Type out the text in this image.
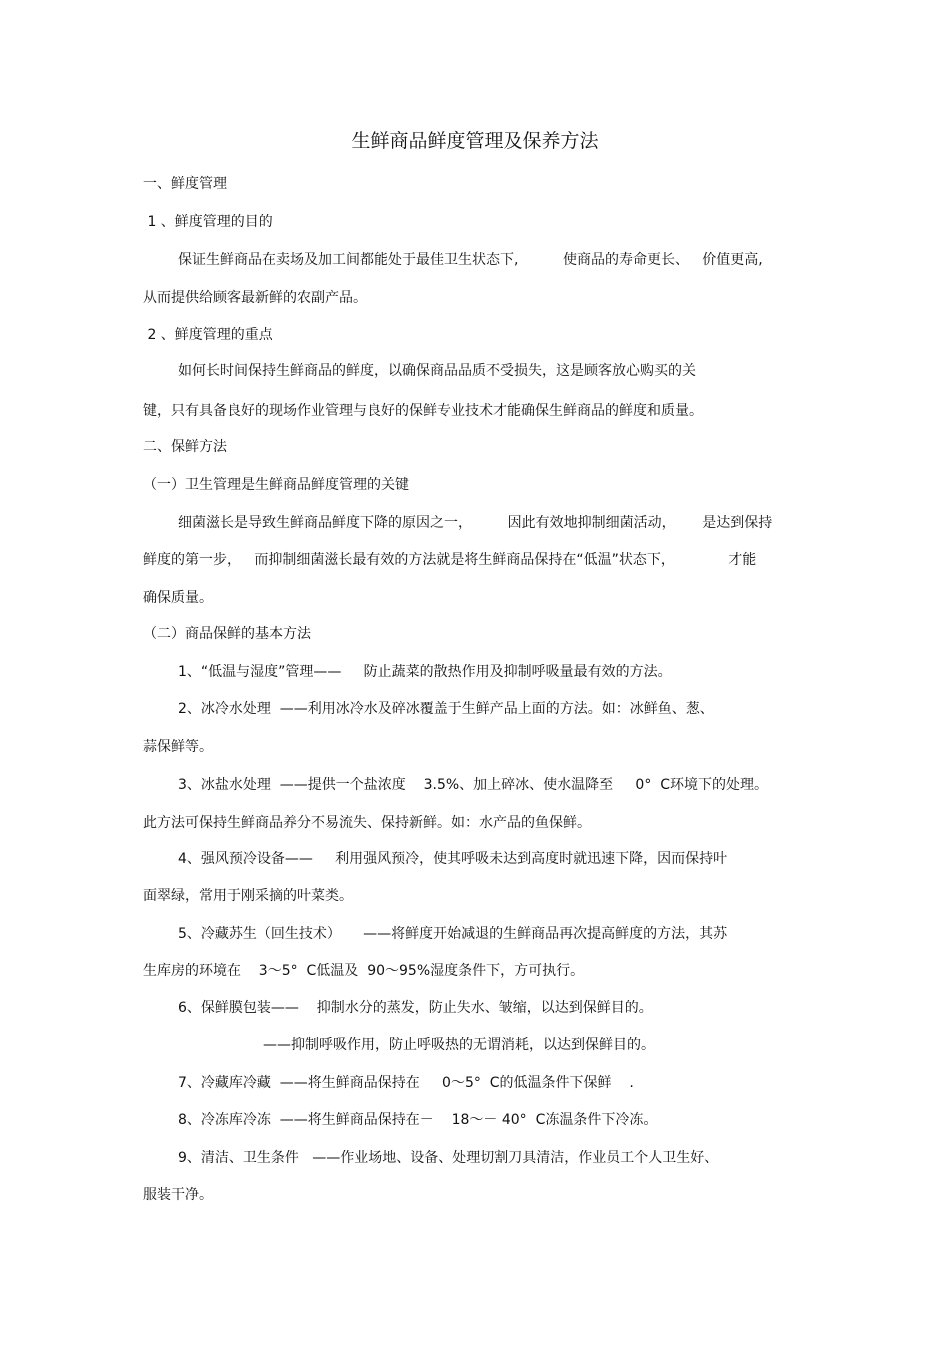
生鲜商品鲜度管理及保养方法
一、鲜度管理
1 、鲜度管理的目的
保证生鲜商品在卖场及加工间都能处于最佳卫生状态下,          使商品的寿命更长、   价值更高,
从而提供给顾客最新鲜的农副产品。
2 、鲜度管理的重点
如何长时间保持生鲜商品的鲜度，以确保商品品质不受损失，这是顾客放心购买的关
键，只有具备良好的现场作业管理与良好的保鲜专业技术才能确保生鲜商品的鲜度和质量。
二、保鲜方法
（一）卫生管理是生鲜商品鲜度管理的关键
细菌滋长是导致生鲜商品鲜度下降的原因之一，        因此有效地抑制细菌活动，      是达到保持
鲜度的第一步，   而抑制细菌滋长最有效的方法就是将生鲜商品保持在“低温”状态下，            才能
确保质量。
（二）商品保鲜的基本方法
1、“低温与湿度”管理——     防止蔬菜的散热作用及抑制呼吸量最有效的方法。
2、冰冷水处理  ——利用冰冷水及碎冰覆盖于生鲜产品上面的方法。如：冰鲜鱼、葱、
蒜保鲜等。
3、冰盐水处理  ——提供一个盐浓度    3.5%、加上碎冰、使水温降至     0°  C环境下的处理。
此方法可保持生鲜商品养分不易流失、保持新鲜。如：水产品的鱼保鲜。
4、强风预冷设备——     利用强风预冷，使其呼吸未达到高度时就迅速下降，因而保持叶
面翠绿，常用于刚采摘的叶菜类。
5、冷藏苏生（回生技术）     ——将鲜度开始减退的生鲜商品再次提高鲜度的方法，其苏
生库房的环境在    3～5°  C低温及  90～95%湿度条件下，方可执行。
6、保鲜膜包装——    抑制水分的蒸发，防止失水、皱缩，以达到保鲜目的。
——抑制呼吸作用，防止呼吸热的无谓消耗，以达到保鲜目的。
7、冷藏库冷藏  ——将生鲜商品保持在     0～5°  C的低温条件下保鲜    .
8、冷冻库冷冻  ——将生鲜商品保持在－    18～－ 40°  C冻温条件下冷冻。
9、清洁、卫生条件   ——作业场地、设备、处理切割刀具清洁，作业员工个人卫生好、
服装干净。
